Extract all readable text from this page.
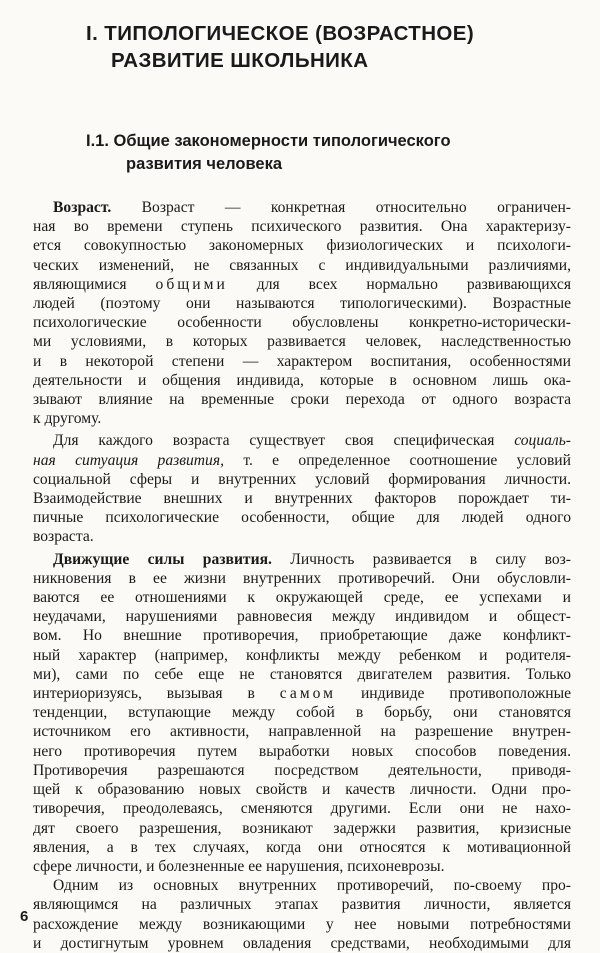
I. ТИПОЛОГИЧЕСКОЕ (ВОЗРАСТНОЕ)
РАЗВИТИЕ ШКОЛЬНИКА
I.1. Общие закономерности типологического
развития человека

Возраст. Возраст — конкретная относительно ограничен-
ная во времени ступень психического развития. Она характеризу-
ется совокупностью закономерных физиологических и психологи-
ческих изменений, не связанных с индивидуальными различиями,
являющимися общими для всех нормально развивающихся
людей (поэтому они называются типологическими). Возрастные
психологические особенности обусловлены конкретно-историчeски-
ми условиями, в которых развивается человек, наследственностью
и в некоторой степени — характером воспитания, особенностями
деятельности и общения индивида, которые в основном лишь ока-
зывают влияние на временные сроки перехода от одного возраста
к другому.

Для каждого возраста существует своя специфическая социаль-
ная ситуация развития, т. е определенное соотношение условий
социальной сферы и внутренних условий формирования личности.
Взаимодействие внешних и внутренних факторов порождает ти-
пичные психологические особенности, общие для людей одного
возраста.

Движущие силы развития. Личность развивается в силу воз-
никновения в ее жизни внутренних противоречий. Они обусловли-
ваются ее отношениями к окружающей среде, ее успехами и
неудачами, нарушениями равновесия между индивидом и общест-
вом. Но внешние противоречия, приобретающие даже конфликт-
ный характер (например, конфликты между ребенком и родителя-
ми), сами по себе еще не становятся двигателем развития. Только
интериоризуясь, вызывая в самом индивиде противоположные
тенденции, вступающие между собой в борьбу, они становятся
источником его активности, направленной на разрешение внутрен-
него противоречия путем выработки новых способов поведения.
Противоречия разрешаются посредством деятельности, приводя-
щей к образованию новых свойств и качеств личности. Одни про-
тиворечия, преодолеваясь, сменяются другими. Если они не нахо-
дят своего разрешения, возникают задержки развития, кризисные
явления, а в тех случаях, когда они относятся к мотивационной
сфере личности, и болезненные ее нарушения, психоневрозы.

Одним из основных внутренних противоречий, по-своему про-
являющимся на различных этапах развития личности, является
расхождение между возникающими у нее новыми потребностями
и достигнутым уровнем овладения средствами, необходимыми для

6
